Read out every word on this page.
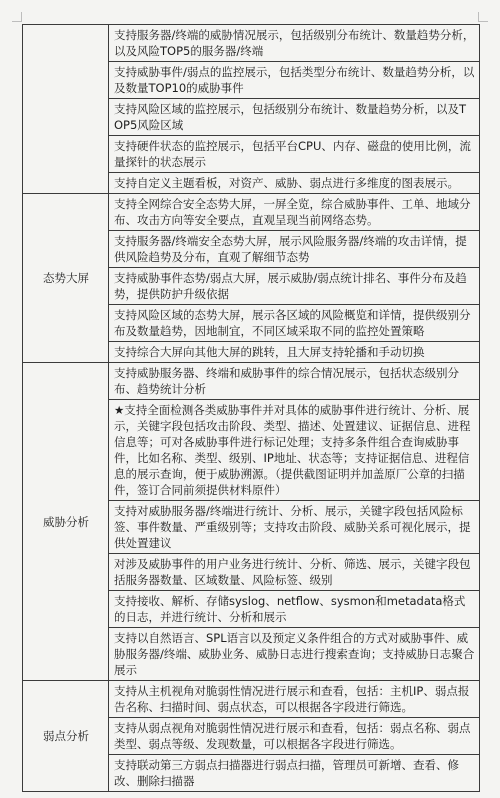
	支持服务器/终端的威胁情况展示，包括级别分布统计、数量趋势分析，以及风险TOP5的服务器/终端
	支持威胁事件/弱点的监控展示，包括类型分布统计、数量趋势分析，以及数量TOP10的威胁事件
	支持风险区域的监控展示，包括级别分布统计、数量趋势分析，以及TOP5风险区域
	支持硬件状态的监控展示，包括平台CPU、内存、磁盘的使用比例，流量探针的状态展示
	支持自定义主题看板，对资产、威胁、弱点进行多维度的图表展示。
态势大屏	支持全网综合安全态势大屏，一屏全览，综合威胁事件、工单、地域分布、攻击方向等安全要点，直观呈现当前网络态势。
	支持服务器/终端安全态势大屏，展示风险服务器/终端的攻击详情，提供风险趋势及分布，直观了解细节态势
	支持威胁事件态势/弱点大屏，展示威胁/弱点统计排名、事件分布及趋势，提供防护升级依据
	支持风险区域的态势大屏，展示各区域的风险概览和详情，提供级别分布及数量趋势，因地制宜，不同区域采取不同的监控处置策略
	支持综合大屏向其他大屏的跳转，且大屏支持轮播和手动切换
威胁分析	支持威胁服务器、终端和威胁事件的综合情况展示，包括状态级别分布、趋势统计分析
	★支持全面检测各类威胁事件并对具体的威胁事件进行统计、分析、展示，关键字段包括攻击阶段、类型、描述、处置建议、证据信息、进程信息等；可对各威胁事件进行标记处理；支持多条件组合查询威胁事件，比如名称、类型、级别、IP地址、状态等；支持证据信息、进程信息的展示查询，便于威胁溯源。（提供截图证明并加盖原厂公章的扫描件，签订合同前须提供材料原件）
	支持对威胁服务器/终端进行统计、分析、展示，关键字段包括风险标签、事件数量、严重级别等；支持攻击阶段、威胁关系可视化展示，提供处置建议
	对涉及威胁事件的用户业务进行统计、分析、筛选、展示，关键字段包括服务器数量、区域数量、风险标签、级别
	支持接收、解析、存储syslog、netflow、sysmon和metadata格式的日志，并进行统计、分析和展示
	支持以自然语言、SPL语言以及预定义条件组合的方式对威胁事件、威胁服务器/终端、威胁业务、威胁日志进行搜索查询；支持威胁日志聚合展示
弱点分析	支持从主机视角对脆弱性情况进行展示和查看，包括：主机IP、弱点报告名称、扫描时间、弱点状态，可以根据各字段进行筛选。
	支持从弱点视角对脆弱性情况进行展示和查看，包括：弱点名称、弱点类型、弱点等级、发现数量，可以根据各字段进行筛选。
	支持联动第三方弱点扫描器进行弱点扫描，管理员可新增、查看、修改、删除扫描器
